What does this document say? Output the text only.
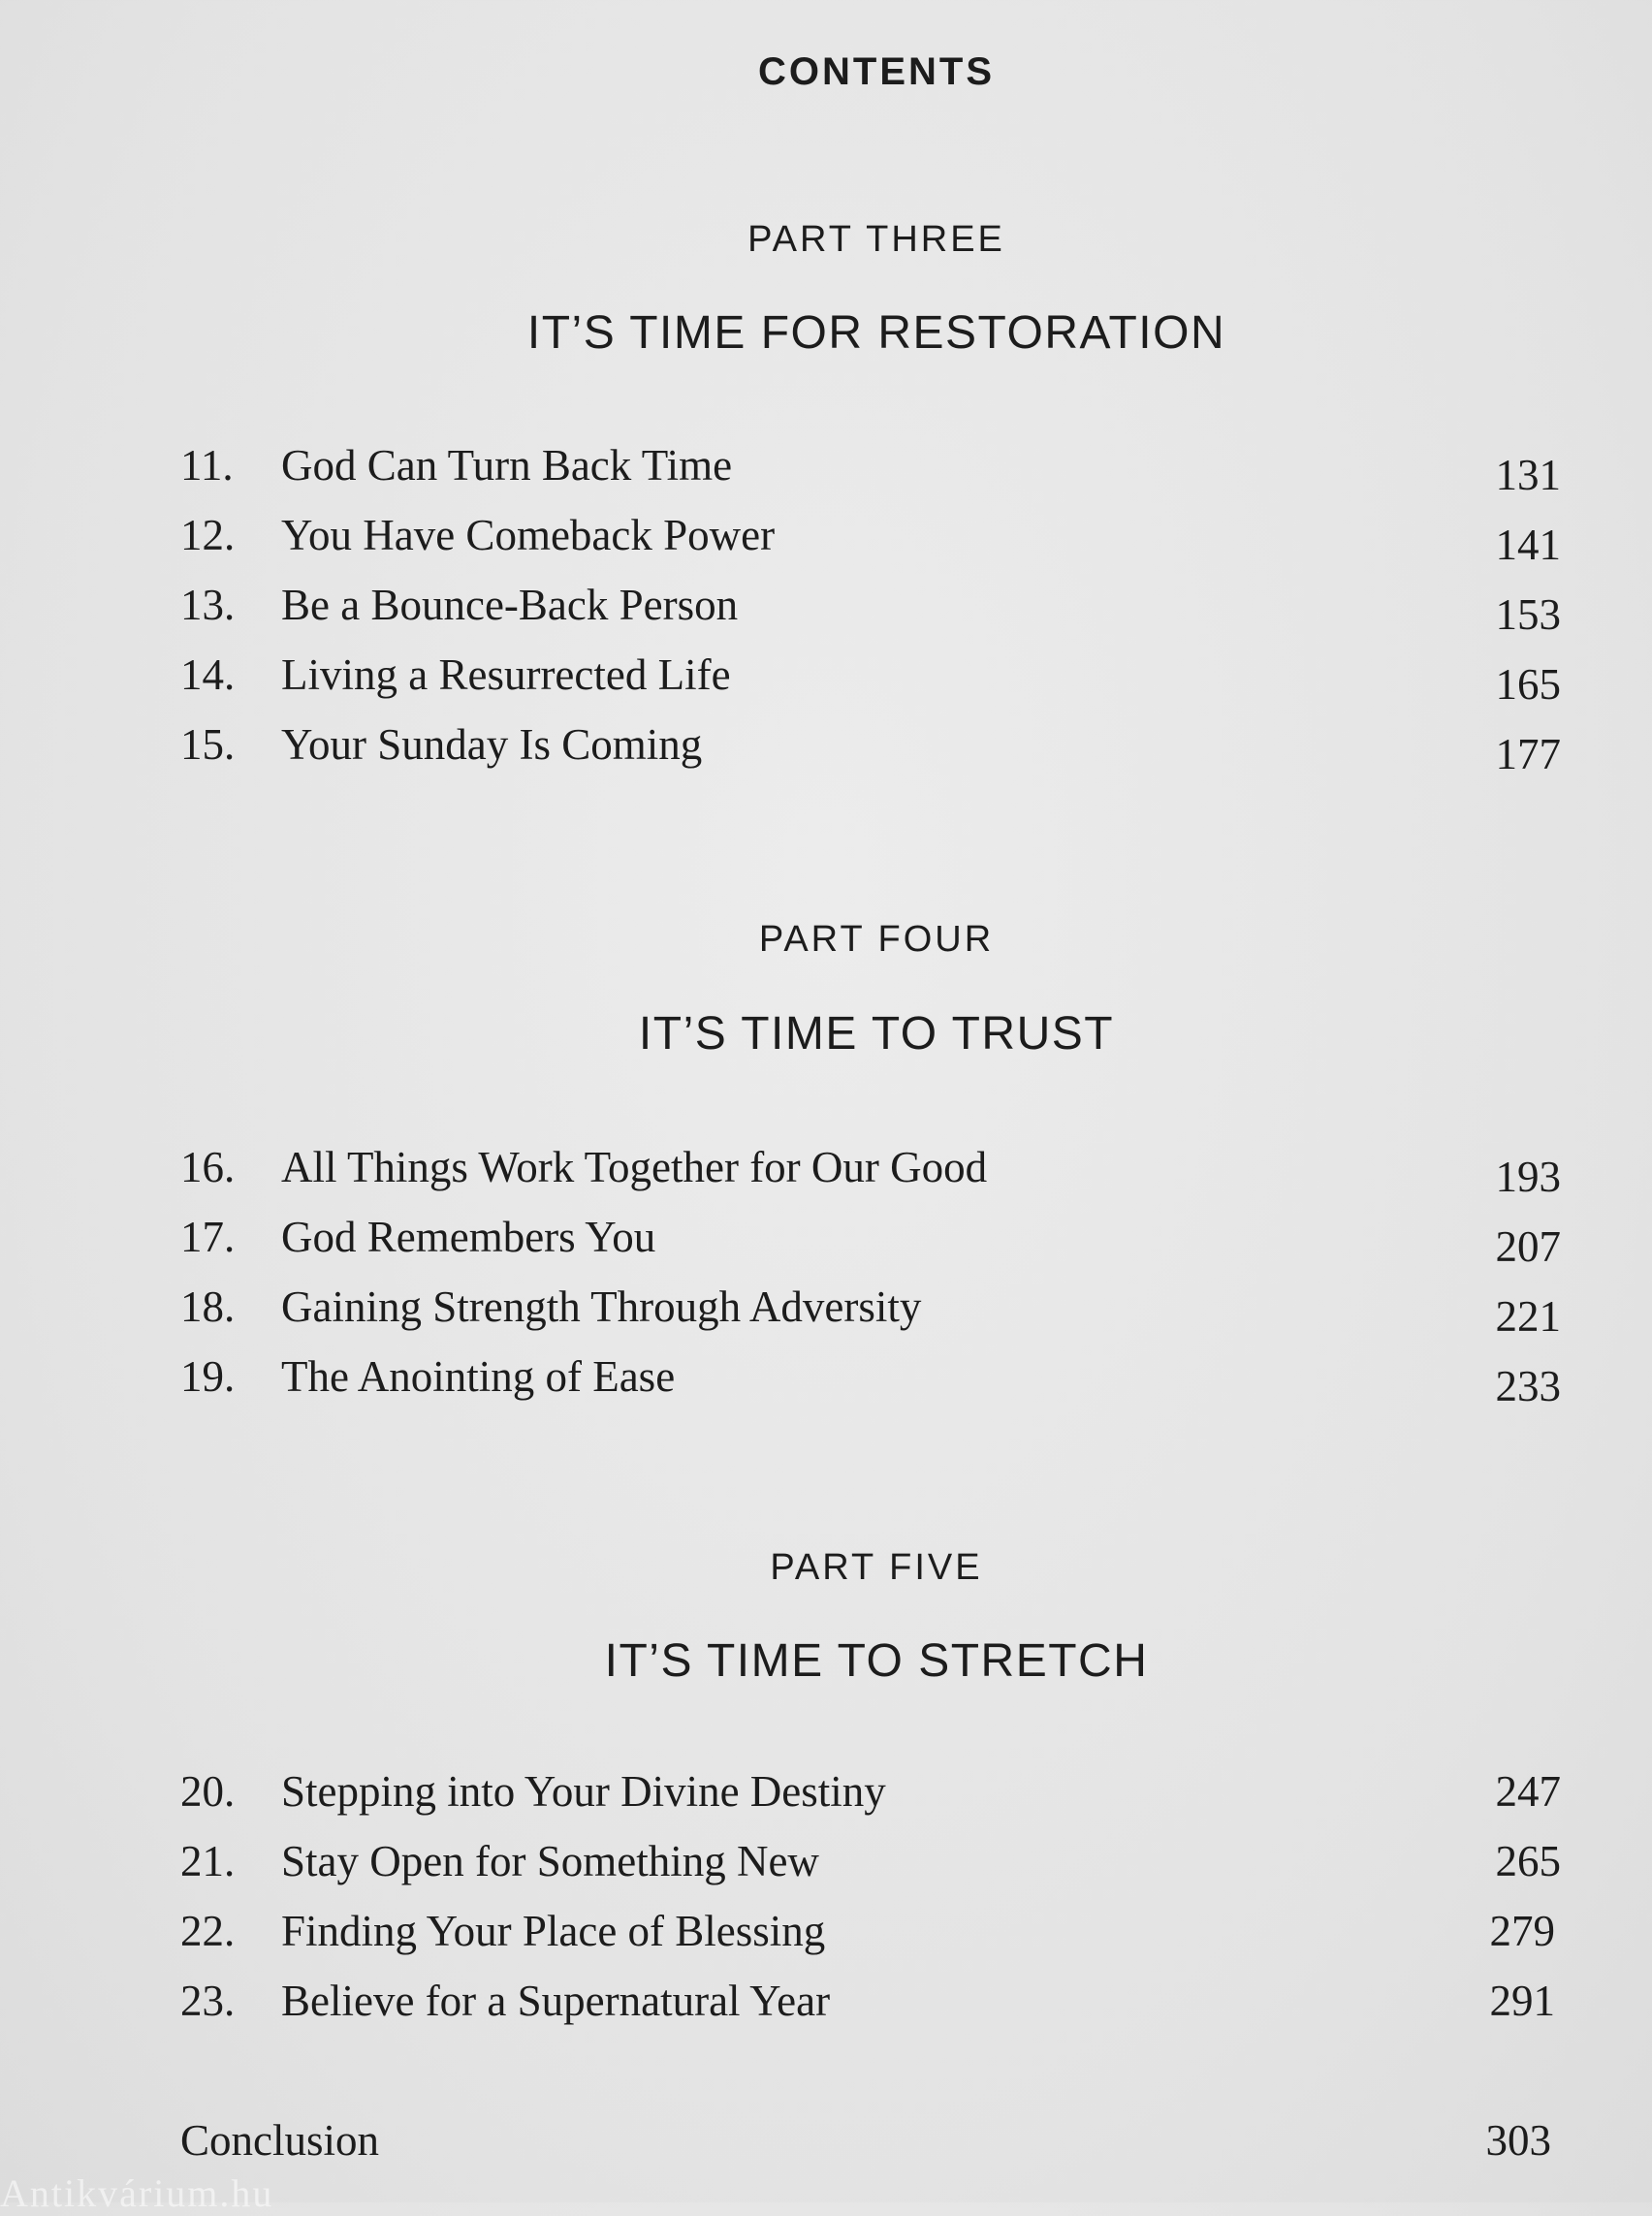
CONTENTS
PART THREE
IT’S TIME FOR RESTORATION
11. God Can Turn Back Time	131
12. You Have Comeback Power	141
13. Be a Bounce-Back Person	153
14. Living a Resurrected Life	165
15. Your Sunday Is Coming	177
PART FOUR
IT’S TIME TO TRUST
16. All Things Work Together for Our Good	193
17. God Remembers You	207
18. Gaining Strength Through Adversity	221
19. The Anointing of Ease	233
PART FIVE
IT’S TIME TO STRETCH
20. Stepping into Your Divine Destiny	247
21. Stay Open for Something New	265
22. Finding Your Place of Blessing	279
23. Believe for a Supernatural Year	291
Conclusion	303
Antikvárium.hu
